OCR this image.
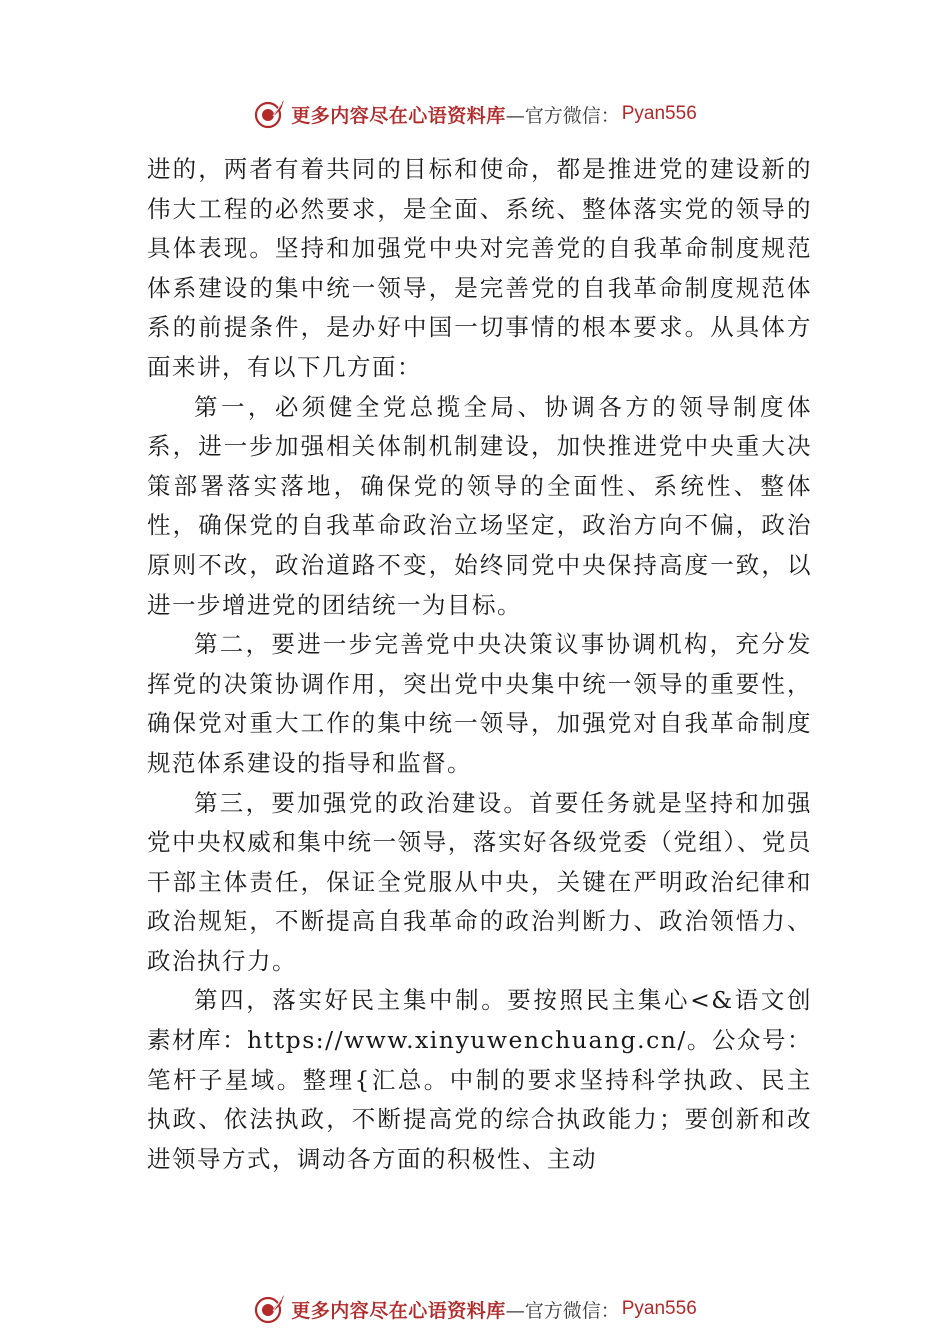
更多内容尽在心语资料库 —官方微信： Pyan556

进的，两者有着共同的目标和使命，都是推进党的建设新的伟大工程的必然要求，是全面、系统、整体落实党的领导的具体表现。坚持和加强党中央对完善党的自我革命制度规范体系建设的集中统一领导，是完善党的自我革命制度规范体系的前提条件，是办好中国一切事情的根本要求。从具体方面来讲，有以下几方面：

第一，必须健全党总揽全局、协调各方的领导制度体系，进一步加强相关体制机制建设，加快推进党中央重大决策部署落实落地，确保党的领导的全面性、系统性、整体性，确保党的自我革命政治立场坚定，政治方向不偏，政治原则不改，政治道路不变，始终同党中央保持高度一致，以进一步增进党的团结统一为目标。

第二，要进一步完善党中央决策议事协调机构，充分发挥党的决策协调作用，突出党中央集中统一领导的重要性， 确保党对重大工作的集中统一领导，加强党对自我革命制度规范体系建设的指导和监督。

第三，要加强党的政治建设。首要任务就是坚持和加强党中央权威和集中统一领导，落实好各级党委（党组）、党员干部主体责任，保证全党服从中央，关键在严明政治纪律和政治规矩，不断提高自我革命的政治判断力、政治领悟力、 政治执行力。

第四，落实好民主集中制。要按照民主集心<&语文创素材库：https://www.xinyuwenchuang.cn/。公众号：笔杆子星域。整理{汇总。中制的要求坚持科学执政、民主执政、依法执政，不断提高党的综合执政能力；要创新和改进领导方式，调动各方面的积极性、主动

更多内容尽在心语资料库 —官方微信： Pyan556
